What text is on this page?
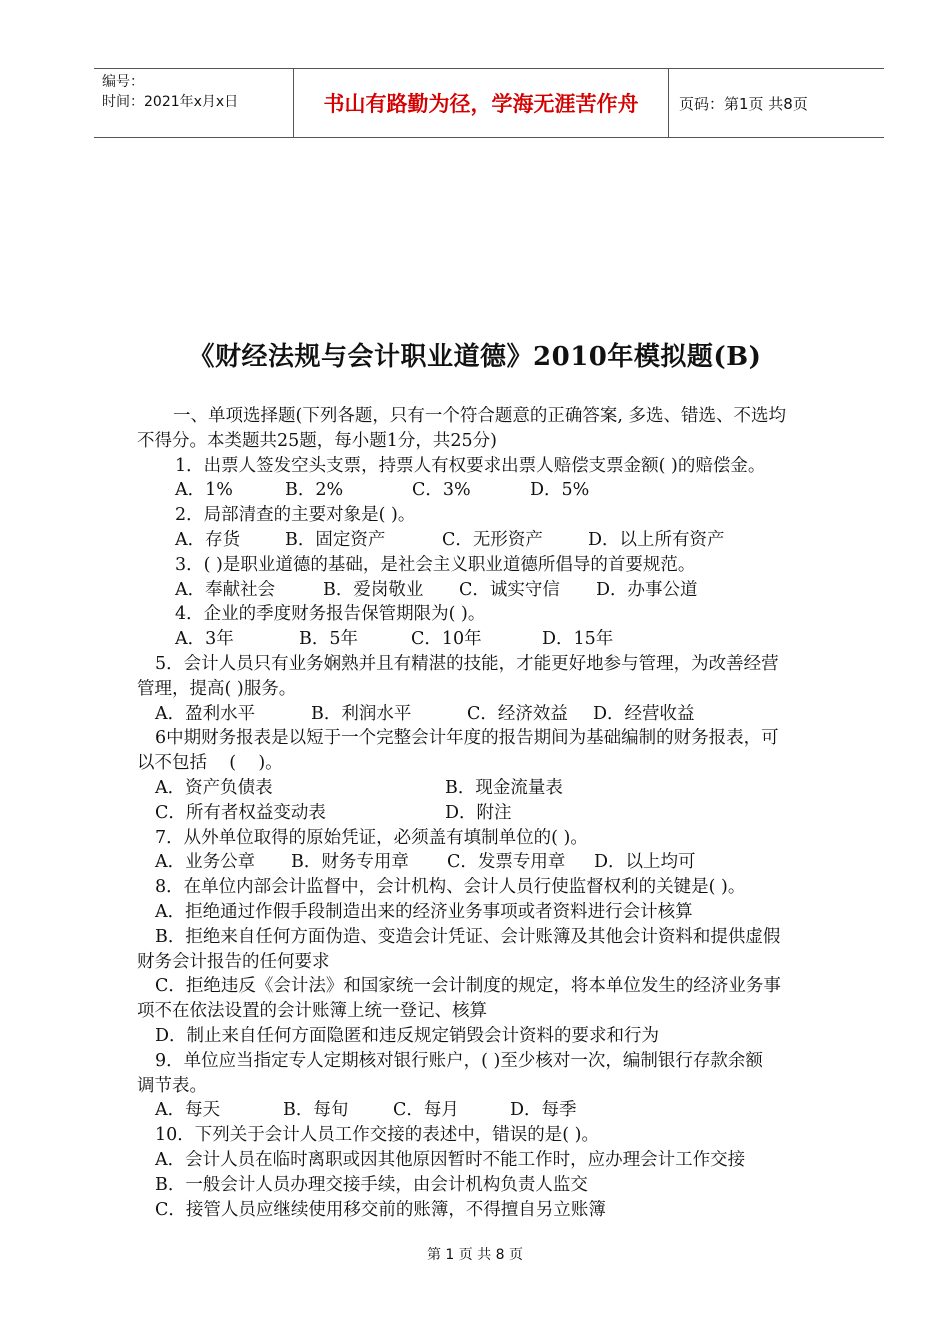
编号：
时间：2021年x月x日	书山有路勤为径，学海无涯苦作舟	页码：第1页 共8页
《财经法规与会计职业道德》2010年模拟题(B)

一、单项选择题(下列各题，只有一个符合题意的正确答案, 多选、错选、不选均

不得分。本类题共25题，每小题1分，共25分)

1．出票人签发空头支票，持票人有权要求出票人赔偿支票金额( )的赔偿金。

A．1%	B．2%	C．3%	D．5%

2．局部清查的主要对象是( )。

A．存货	B．固定资产	C．无形资产	D．以上所有资产

3．( )是职业道德的基础，是社会主义职业道德所倡导的首要规范。

A．奉献社会	B．爱岗敬业	C．诚实守信	D．办事公道

4．企业的季度财务报告保管期限为( )。

A．3年	B．5年	C．10年	D．15年

5．会计人员只有业务娴熟并且有精湛的技能，才能更好地参与管理，为改善经营

管理，提高( )服务。

A．盈利水平	B．利润水平	C．经济效益	D．经营收益

6中期财务报表是以短于一个完整会计年度的报告期间为基础编制的财务报表，可

以不包括    (    )。

A．资产负债表	B．现金流量表

C．所有者权益变动表	D．附注

7．从外单位取得的原始凭证，必须盖有填制单位的( )。

A．业务公章	B．财务专用章	C．发票专用章	D．以上均可

8．在单位内部会计监督中，会计机构、会计人员行使监督权利的关键是( )。

A．拒绝通过作假手段制造出来的经济业务事项或者资料进行会计核算

B．拒绝来自任何方面伪造、变造会计凭证、会计账簿及其他会计资料和提供虚假

财务会计报告的任何要求

C．拒绝违反《会计法》和国家统一会计制度的规定，将本单位发生的经济业务事

项不在依法设置的会计账簿上统一登记、核算

D．制止来自任何方面隐匿和违反规定销毁会计资料的要求和行为

9．单位应当指定专人定期核对银行账户，( )至少核对一次，编制银行存款余额

调节表。

A．每天	B．每旬	C．每月	D．每季

10．下列关于会计人员工作交接的表述中，错误的是( )。

A．会计人员在临时离职或因其他原因暂时不能工作时，应办理会计工作交接

B．一般会计人员办理交接手续，由会计机构负责人监交

C．接管人员应继续使用移交前的账簿，不得擅自另立账簿

第 1 页 共 8 页
